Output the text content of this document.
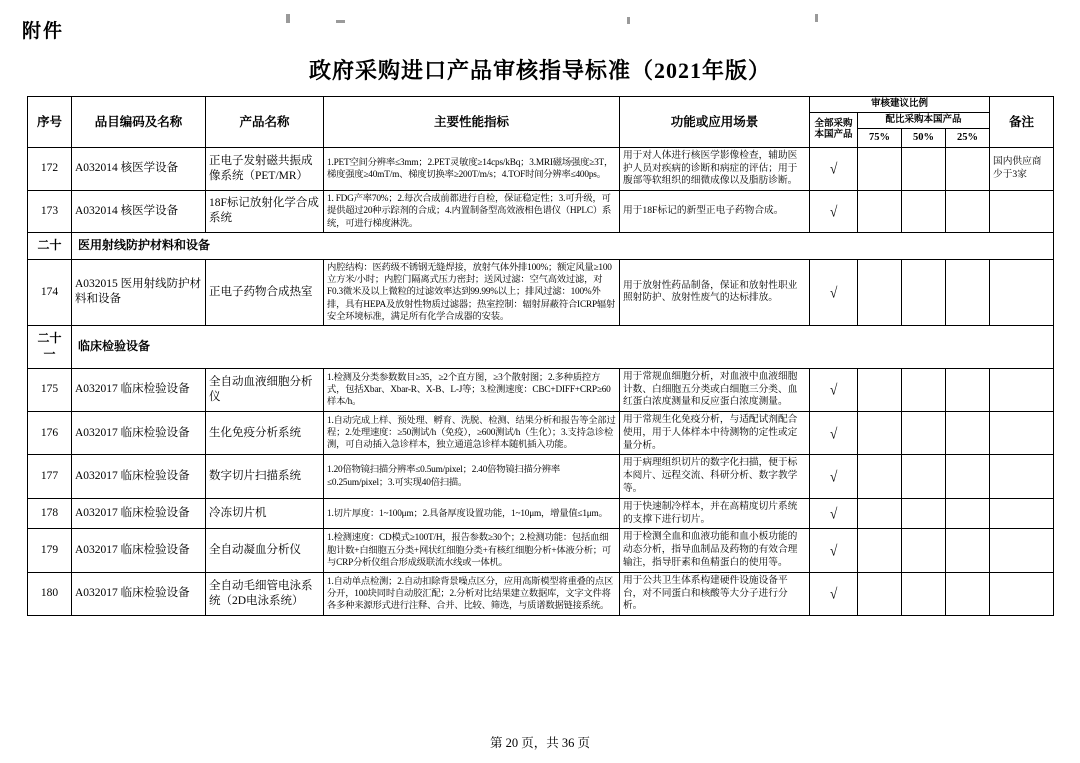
附件
政府采购进口产品审核指导标准（2021年版）
序号	品目编码及名称	产品名称	主要性能指标	功能或应用场景	审核建议比例				备注
					全部采购本国产品	配比采购本国产品			
						75%	50%	25%	
172	A032014 核医学设备	正电子发射磁共振成像系统（PET/MR）	1.PET空间分辨率≤3mm；2.PET灵敏度≥14cps/kBq；3.MRI磁场强度≥3T，梯度强度≥40mT/m、梯度切换率≥200T/m/s；4.TOF时间分辨率≤400ps。	用于对人体进行核医学影像检查，辅助医护人员对疾病的诊断和病症的评估；用于腹部等软组织的细微成像以及脂肪诊断。	√				国内供应商少于3家
173	A032014 核医学设备	18F标记放射化学合成系统	1. FDG产率70%；2.每次合成前都进行自检，保证稳定性；3.可升级，可提供超过20种示踪剂的合成；4.内置制备型高效液相色谱仪（HPLC）系统，可进行梯度淋洗。	用于18F标记的新型正电子药物合成。	√				
二十	医用射线防护材料和设备								
174	A032015 医用射线防护材料和设备	正电子药物合成热室	内腔结构：医药级不锈钢无缝焊接，放射气体外排100%；额定风量≥100立方米/小时；内腔门隔离式压力密封；送风过滤：空气高效过滤，对F0.3微米及以上微粒的过滤效率达到99.99%以上；排风过滤：100%外排，具有HEPA及放射性物质过滤器；热室控制：辐射屏蔽符合ICRP辐射安全环境标准，满足所有化学合成器的安装。	用于放射性药品制备，保证和放射性职业照射防护、放射性废气的达标排放。	√				
二十一	临床检验设备								
175	A032017 临床检验设备	全自动血液细胞分析仪	1.检测及分类参数数目≥35，≥2个直方图，≥3个散射图；2.多种质控方式，包括Xbar、Xbar-R、X-B、L-J等；3.检测速度：CBC+DIFF+CRP≥60样本/h。	用于常规血细胞分析，对血液中血液细胞计数、白细胞五分类或白细胞三分类、血红蛋白浓度测量和反应蛋白浓度测量。	√				
176	A032017 临床检验设备	生化免疫分析系统	1.自动完成上样、预处理、孵育、洗脱、检测、结果分析和报告等全部过程；2.处理速度：≥50测试/h（免疫），≥600测试/h（生化）；3.支持急诊检测，可自动插入急诊样本，独立通道急诊样本随机插入功能。	用于常规生化免疫分析，与适配试剂配合使用，用于人体样本中待测物的定性或定量分析。	√				
177	A032017 临床检验设备	数字切片扫描系统	1.20倍物镜扫描分辨率≤0.5um/pixel；2.40倍物镜扫描分辨率≤0.25um/pixel；3.可实现40倍扫描。	用于病理组织切片的数字化扫描，便于标本阅片、远程交流、科研分析、数字教学等。	√				
178	A032017 临床检验设备	冷冻切片机	1.切片厚度：1~100μm；2.具备厚度设置功能，1~10μm，增量值≤1μm。	用于快速制冷样本，并在高精度切片系统的支撑下进行切片。	√				
179	A032017 临床检验设备	全自动凝血分析仪	1.检测速度：CD模式≥100T/H，报告参数≥30个；2.检测功能：包括血细胞计数+白细胞五分类+网状红细胞分类+有核红细胞分析+体液分析；可与CRP分析仪组合形成级联流水线或一体机。	用于检测全血和血液功能和血小板功能的动态分析，指导血制品及药物的有效合理输注，指导肝素和鱼精蛋白的使用等。	√				
180	A032017 临床检验设备	全自动毛细管电泳系统（2D电泳系统）	1.自动单点检测；2.自动扣除背景噪点区分，应用高斯模型将重叠的点区分开，100块同时自动胶汇配；2.分析对比结果建立数据库，文字文件将各多种来源形式进行注释、合并、比较、筛选，与质谱数据链接系统。	用于公共卫生体系构建硬件设施设备平台，对不同蛋白和核酸等大分子进行分析。	√				
第 20 页，共 36 页
